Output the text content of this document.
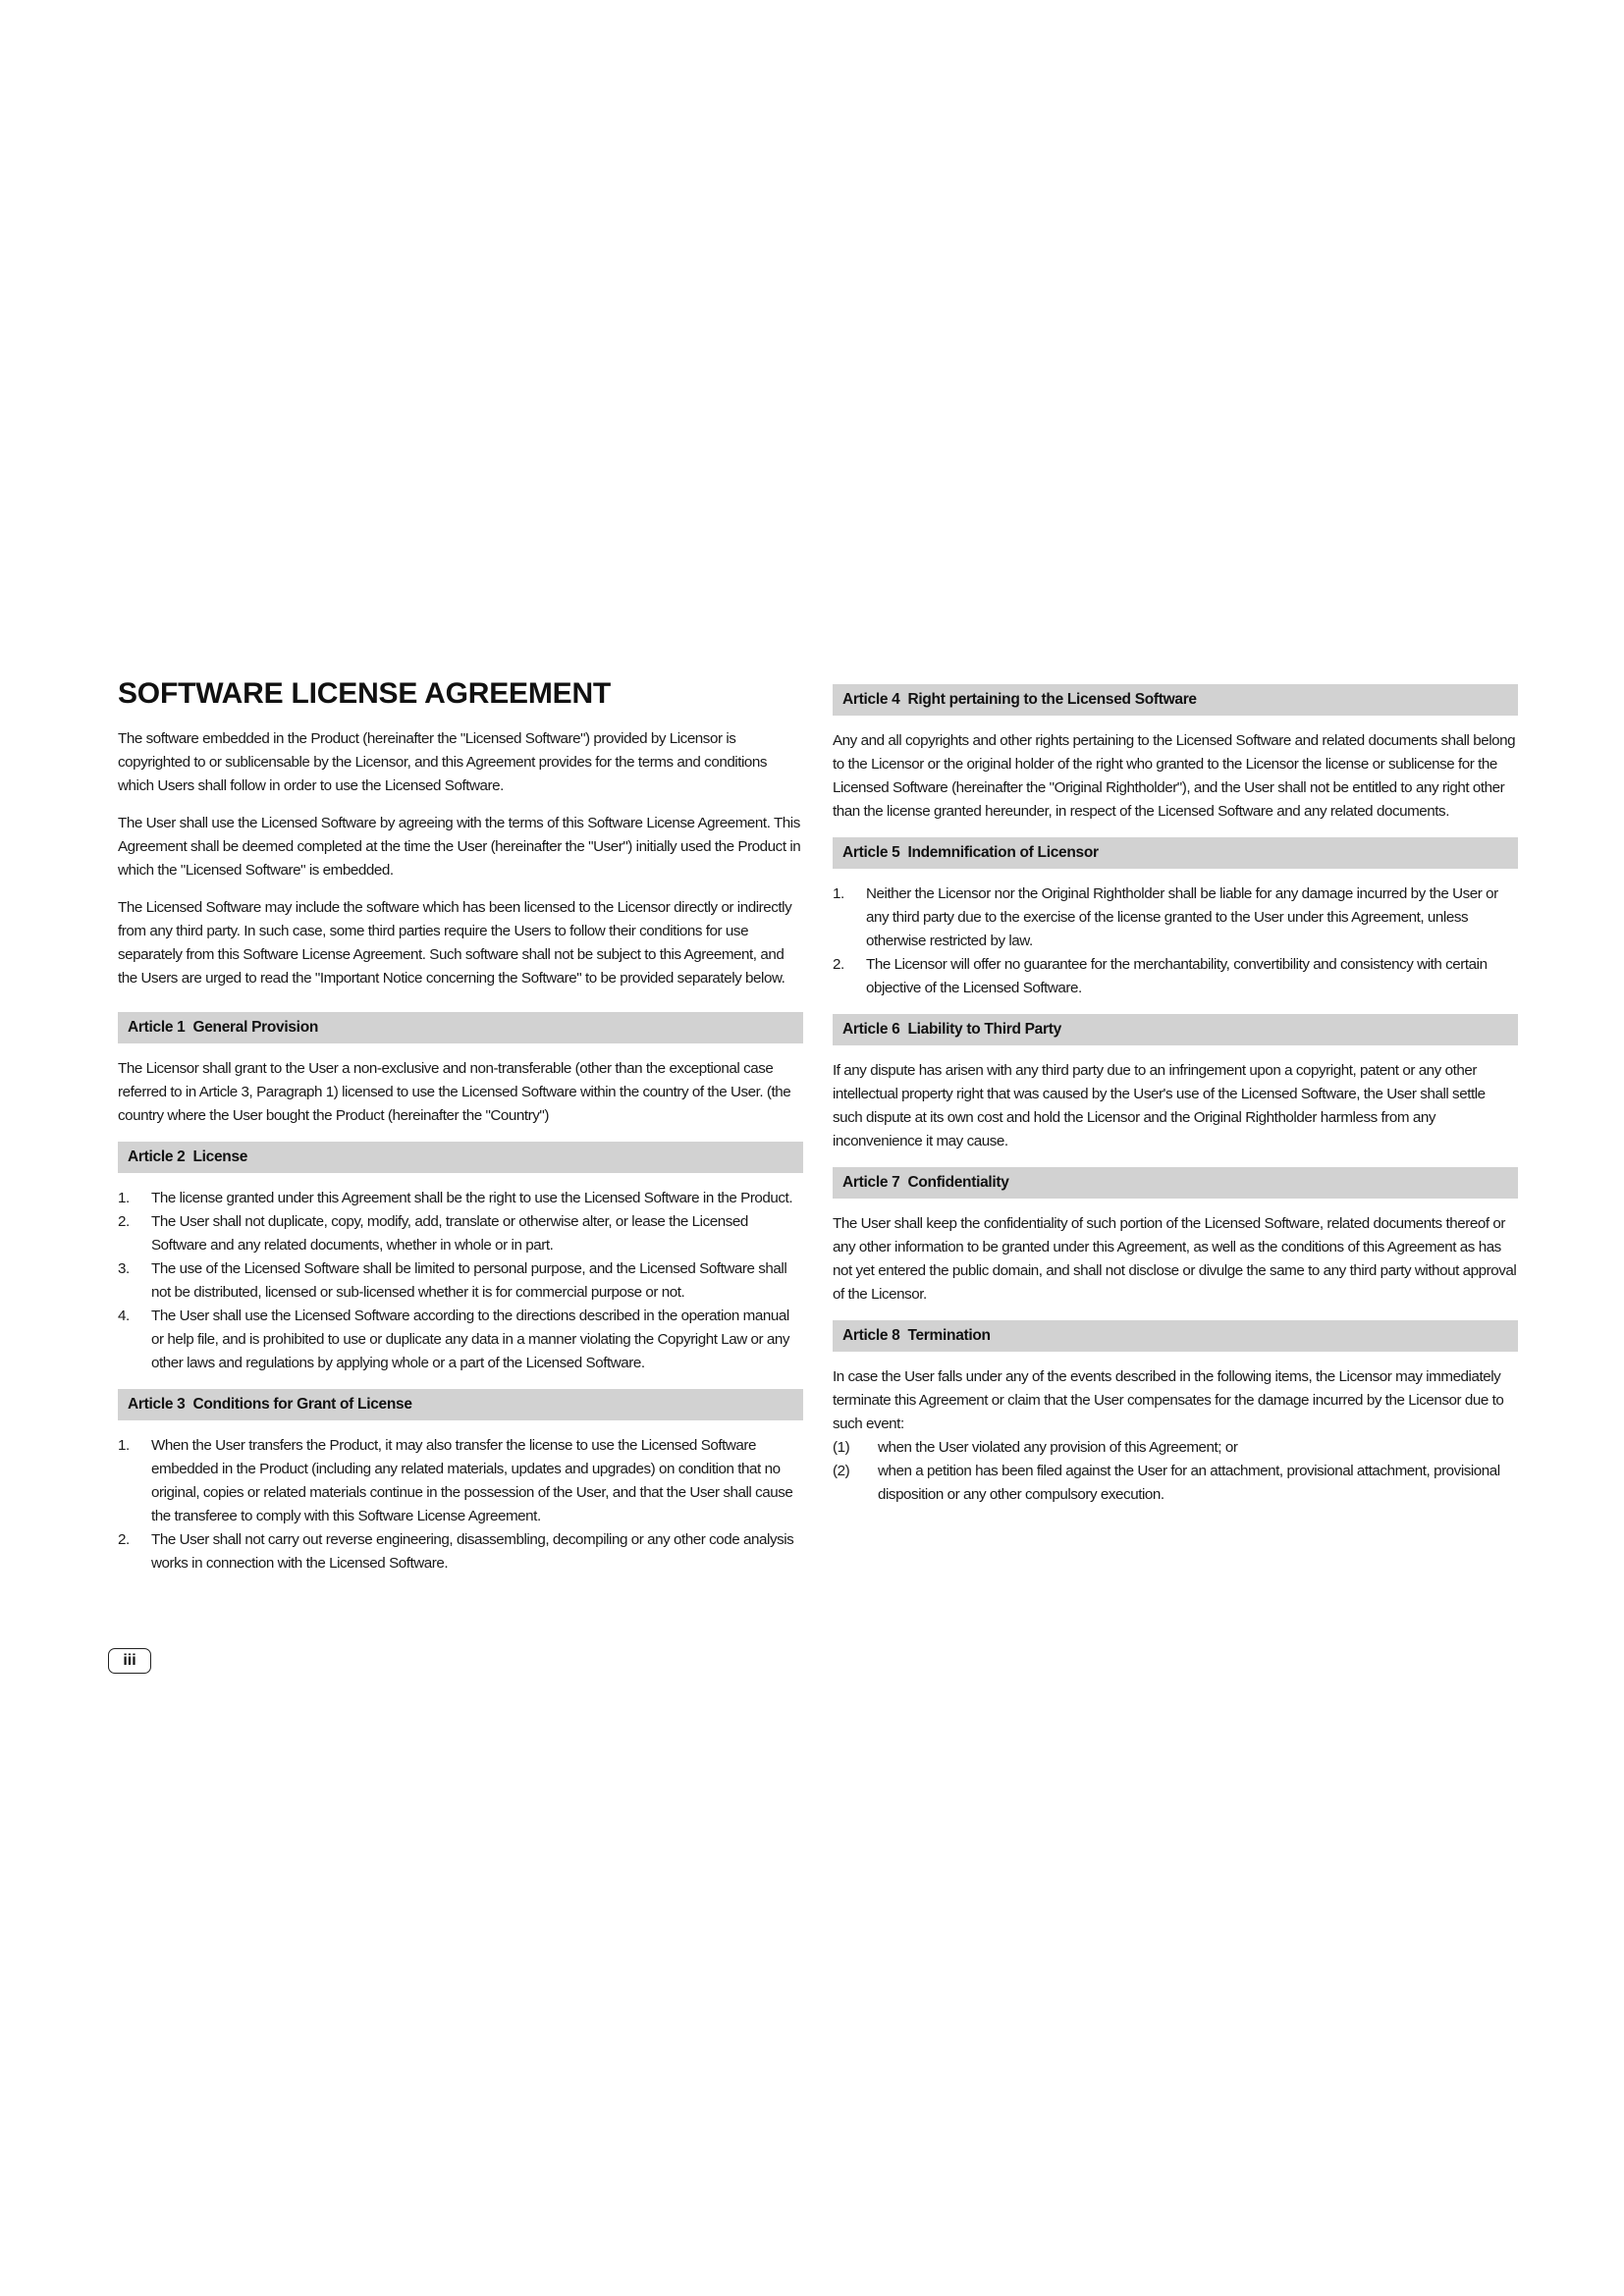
SOFTWARE LICENSE AGREEMENT

The software embedded in the Product (hereinafter the "Licensed Software") provided by Licensor is copyrighted to or sublicensable by the Licensor, and this Agreement provides for the terms and conditions which Users shall follow in order to use the Licensed Software.

The User shall use the Licensed Software by agreeing with the terms of this Software License Agreement. This Agreement shall be deemed completed at the time the User (hereinafter the "User") initially used the Product in which the "Licensed Software" is embedded.

The Licensed Software may include the software which has been licensed to the Licensor directly or indirectly from any third party. In such case, some third parties require the Users to follow their conditions for use separately from this Software License Agreement. Such software shall not be subject to this Agreement, and the Users are urged to read the "Important Notice concerning the Software" to be provided separately below.

Article 1 General Provision

The Licensor shall grant to the User a non-exclusive and non-transferable (other than the exceptional case referred to in Article 3, Paragraph 1) licensed to use the Licensed Software within the country of the User. (the country where the User bought the Product (hereinafter the "Country")

Article 2 License
1.	The license granted under this Agreement shall be the right to use the Licensed Software in the Product.
2.	The User shall not duplicate, copy, modify, add, translate or otherwise alter, or lease the Licensed Software and any related documents, whether in whole or in part.
3.	The use of the Licensed Software shall be limited to personal purpose, and the Licensed Software shall not be distributed, licensed or sub-licensed whether it is for commercial purpose or not.
4.	The User shall use the Licensed Software according to the directions described in the operation manual or help file, and is prohibited to use or duplicate any data in a manner violating the Copyright Law or any other laws and regulations by applying whole or a part of the Licensed Software.
Article 3 Conditions for Grant of License
1.	When the User transfers the Product, it may also transfer the license to use the Licensed Software embedded in the Product (including any related materials, updates and upgrades) on condition that no original, copies or related materials continue in the possession of the User, and that the User shall cause the transferee to comply with this Software License Agreement.
2.	The User shall not carry out reverse engineering, disassembling, decompiling or any other code analysis works in connection with the Licensed Software.
Article 4 Right pertaining to the Licensed Software

Any and all copyrights and other rights pertaining to the Licensed Software and related documents shall belong to the Licensor or the original holder of the right who granted to the Licensor the license or sublicense for the Licensed Software (hereinafter the "Original Rightholder"), and the User shall not be entitled to any right other than the license granted hereunder, in respect of the Licensed Software and any related documents.

Article 5 Indemnification of Licensor
1.	Neither the Licensor nor the Original Rightholder shall be liable for any damage incurred by the User or any third party due to the exercise of the license granted to the User under this Agreement, unless otherwise restricted by law.
2.	The Licensor will offer no guarantee for the merchantability, convertibility and consistency with certain objective of the Licensed Software.
Article 6 Liability to Third Party

If any dispute has arisen with any third party due to an infringement upon a copyright, patent or any other intellectual property right that was caused by the User's use of the Licensed Software, the User shall settle such dispute at its own cost and hold the Licensor and the Original Rightholder harmless from any inconvenience it may cause.

Article 7 Confidentiality

The User shall keep the confidentiality of such portion of the Licensed Software, related documents thereof or any other information to be granted under this Agreement, as well as the conditions of this Agreement as has not yet entered the public domain, and shall not disclose or divulge the same to any third party without approval of the Licensor.

Article 8 Termination

In case the User falls under any of the events described in the following items, the Licensor may immediately terminate this Agreement or claim that the User compensates for the damage incurred by the Licensor due to such event:

(1) when the User violated any provision of this Agreement; or
(2) when a petition has been filed against the User for an attachment, provisional attachment, provisional disposition or any other compulsory execution.
iii
